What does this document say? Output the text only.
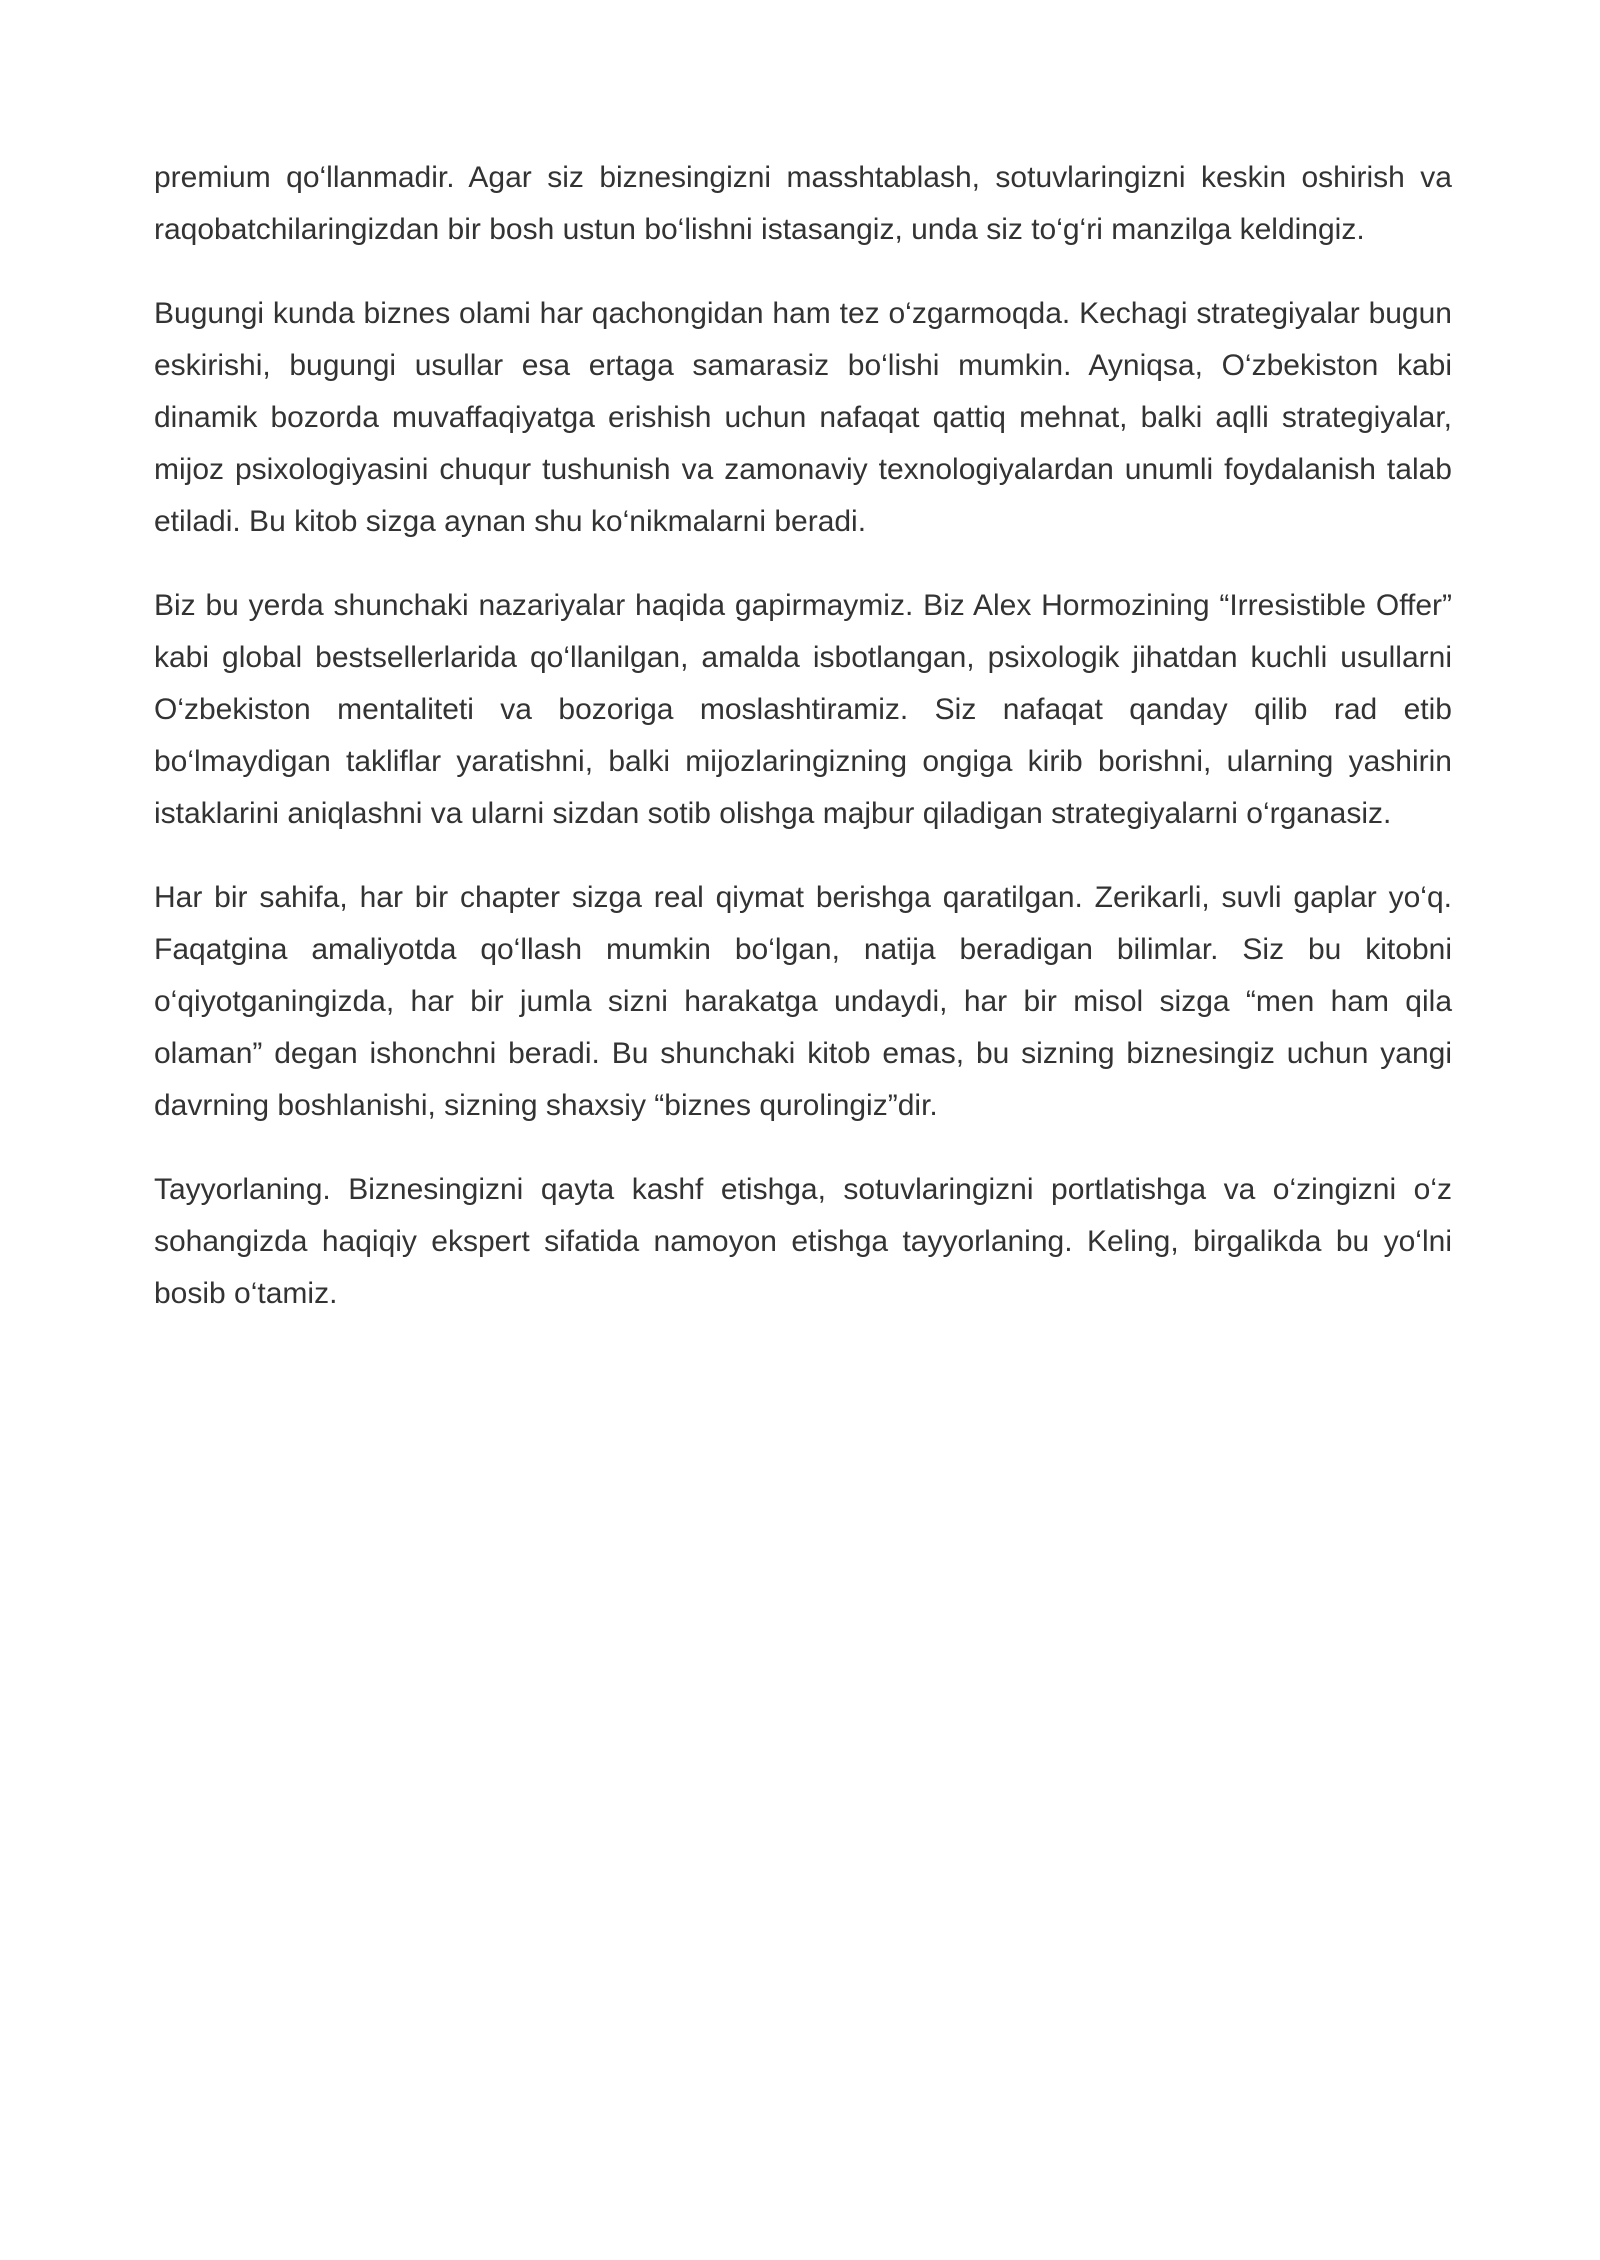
premium qo‘llanmadir. Agar siz biznesingizni masshtablash, sotuvlaringizni keskin oshirish va raqobatchilaringizdan bir bosh ustun bo‘lishni istasangiz, unda siz to‘g‘ri manzilga keldingiz.

Bugungi kunda biznes olami har qachongidan ham tez o‘zgarmoqda. Kechagi strategiyalar bugun eskirishi, bugungi usullar esa ertaga samarasiz bo‘lishi mumkin. Ayniqsa, O‘zbekiston kabi dinamik bozorda muvaffaqiyatga erishish uchun nafaqat qattiq mehnat, balki aqlli strategiyalar, mijoz psixologiyasini chuqur tushunish va zamonaviy texnologiyalardan unumli foydalanish talab etiladi. Bu kitob sizga aynan shu ko‘nikmalarni beradi.

Biz bu yerda shunchaki nazariyalar haqida gapirmaymiz. Biz Alex Hormozining “Irresistible Offer” kabi global bestsellerlarida qo‘llanilgan, amalda isbotlangan, psixologik jihatdan kuchli usullarni O‘zbekiston mentaliteti va bozoriga moslashtiramiz. Siz nafaqat qanday qilib rad etib bo‘lmaydigan takliflar yaratishni, balki mijozlaringizning ongiga kirib borishni, ularning yashirin istaklarini aniqlashni va ularni sizdan sotib olishga majbur qiladigan strategiyalarni o‘rganasiz.

Har bir sahifa, har bir chapter sizga real qiymat berishga qaratilgan. Zerikarli, suvli gaplar yo‘q. Faqatgina amaliyotda qo‘llash mumkin bo‘lgan, natija beradigan bilimlar. Siz bu kitobni o‘qiyotganingizda, har bir jumla sizni harakatga undaydi, har bir misol sizga “men ham qila olaman” degan ishonchni beradi. Bu shunchaki kitob emas, bu sizning biznesingiz uchun yangi davrning boshlanishi, sizning shaxsiy “biznes qurolingiz”dir.

Tayyorlaning. Biznesingizni qayta kashf etishga, sotuvlaringizni portlatishga va o‘zingizni o‘z sohangizda haqiqiy ekspert sifatida namoyon etishga tayyorlaning. Keling, birgalikda bu yo‘lni bosib o‘tamiz.
